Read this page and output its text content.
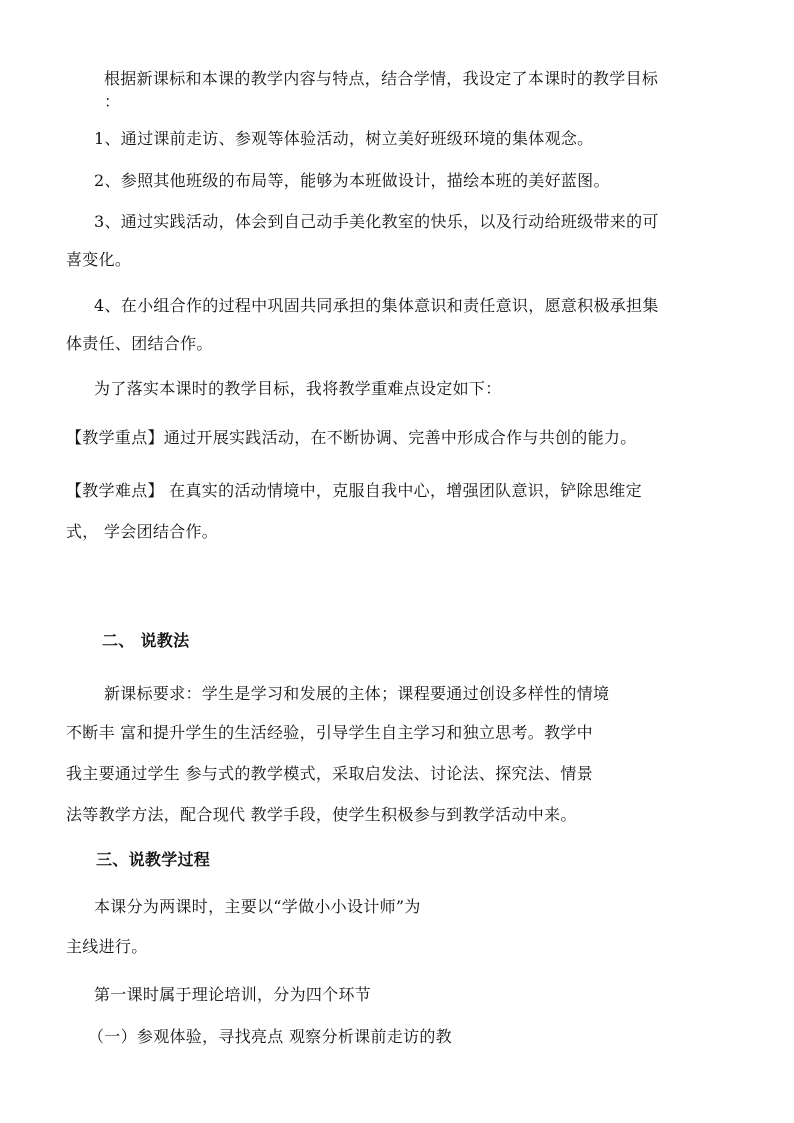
根据新课标和本课的教学内容与特点，结合学情，我设定了本课时的教学目标
：
1、通过课前走访、参观等体验活动，树立美好班级环境的集体观念。
2、参照其他班级的布局等，能够为本班做设计，描绘本班的美好蓝图。
3、通过实践活动，体会到自己动手美化教室的快乐，以及行动给班级带来的可
喜变化。
4、在小组合作的过程中巩固共同承担的集体意识和责任意识，愿意积极承担集
体责任、团结合作。
为了落实本课时的教学目标，我将教学重难点设定如下：
【教学重点】通过开展实践活动，在不断协调、完善中形成合作与共创的能力。
【教学难点】 在真实的活动情境中，克服自我中心，增强团队意识，铲除思维定
式， 学会团结合作。
二、 说教法
新课标要求：学生是学习和发展的主体；课程要通过创设多样性的情境
不断丰 富和提升学生的生活经验，引导学生自主学习和独立思考。教学中
我主要通过学生 参与式的教学模式，采取启发法、讨论法、探究法、情景
法等教学方法，配合现代 教学手段，使学生积极参与到教学活动中来。
三、说教学过程
本课分为两课时，主要以“学做小小设计师”为
主线进行。
第一课时属于理论培训，分为四个环节
（一）参观体验，寻找亮点 观察分析课前走访的教
